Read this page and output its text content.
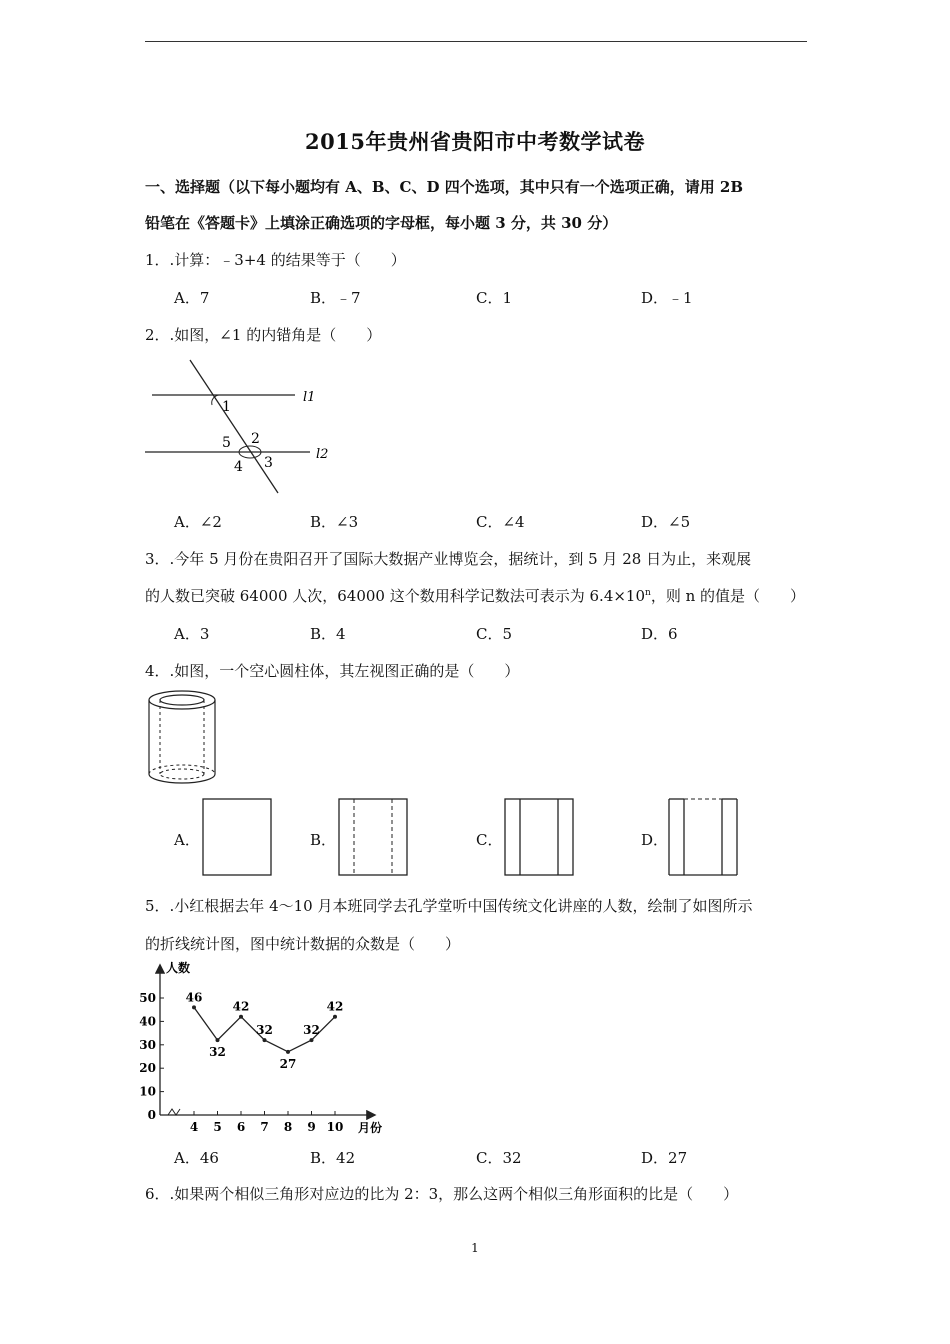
2015年贵州省贵阳市中考数学试卷
一、选择题（以下每小题均有 A、B、C、D 四个选项，其中只有一个选项正确，请用 2B
铅笔在《答题卡》上填涂正确选项的字母框，每小题 3 分，共 30 分）
1．.计算：﹣3+4 的结果等于（　　）
A．7	B．﹣7	C．1	D．﹣1
2．.如图，∠1 的内错角是（　　）
l1
l2
1
2
3
4
5
A．∠2	B．∠3	C．∠4	D．∠5
3．.今年 5 月份在贵阳召开了国际大数据产业博览会，据统计，到 5 月 28 日为止，来观展
的人数已突破 64000 人次，64000 这个数用科学记数法可表示为 $6.4\times 10^n$，则 n 的值是（　　）
A．3	B．4	C．5	D．6
4．.如图，一个空心圆柱体，其左视图正确的是（　　）
A．	B．	C．	D．
5．.小红根据去年 4～10 月本班同学去孔学堂听中国传统文化讲座的人数，绘制了如图所示
的折线统计图，图中统计数据的众数是（　　）
人数
月份
0
10
20
30
40
50
4 5 6 7 8 9 10
46
32
42
32
27
32
42
A．46	B．42	C．32	D．27
6．.如果两个相似三角形对应边的比为 2：3，那么这两个相似三角形面积的比是（　　）
1
